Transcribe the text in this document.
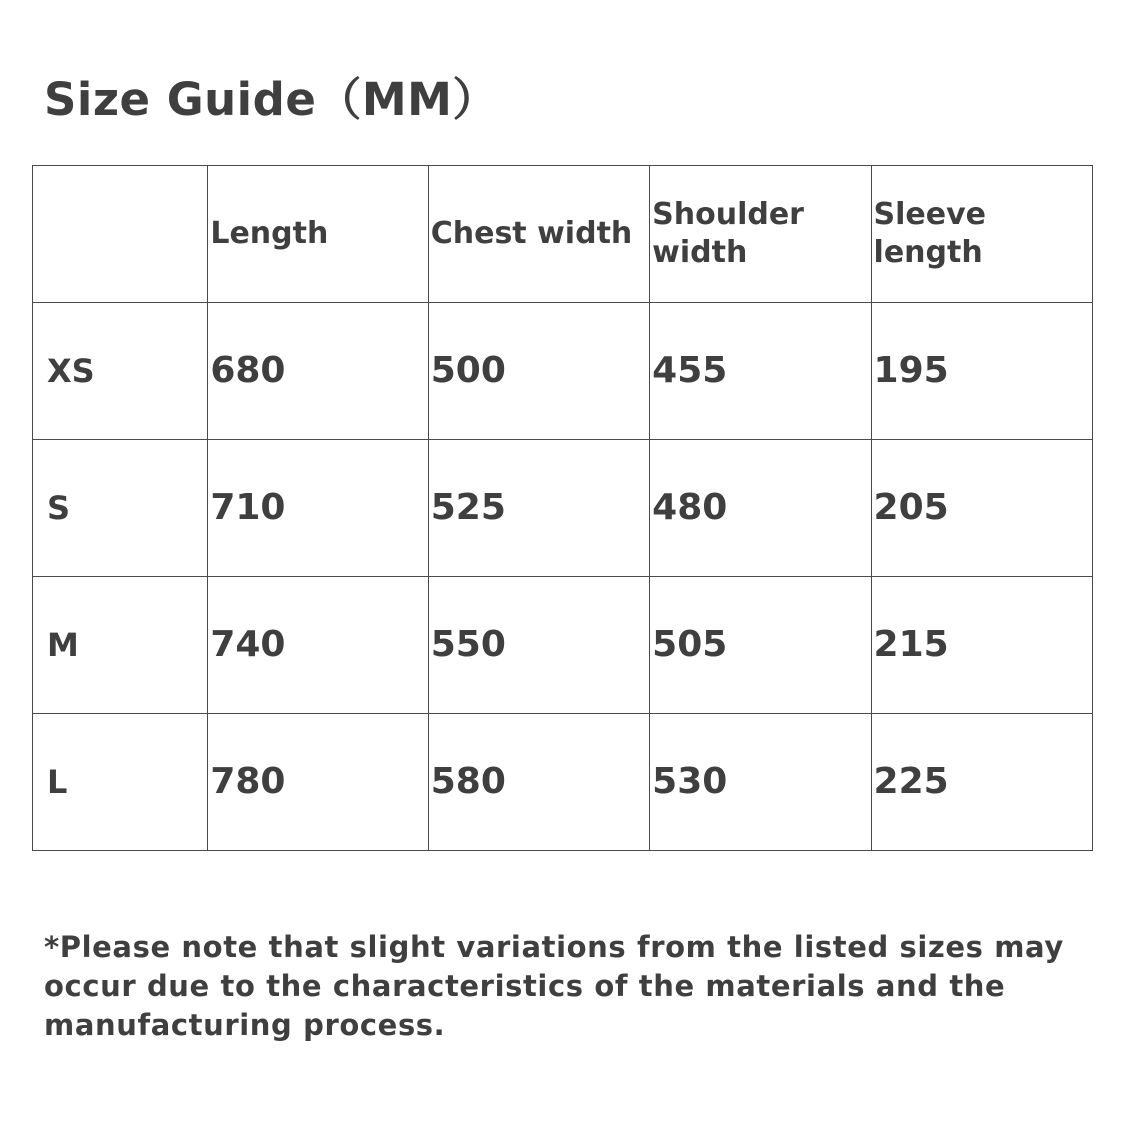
Size Guide（MM）
	Length	Chest width	Shoulder width	Sleeve length
XS	680	500	455	195
S	710	525	480	205
M	740	550	505	215
L	780	580	530	225

*Please note that slight variations from the listed sizes may occur due to the characteristics of the materials and the manufacturing process.
